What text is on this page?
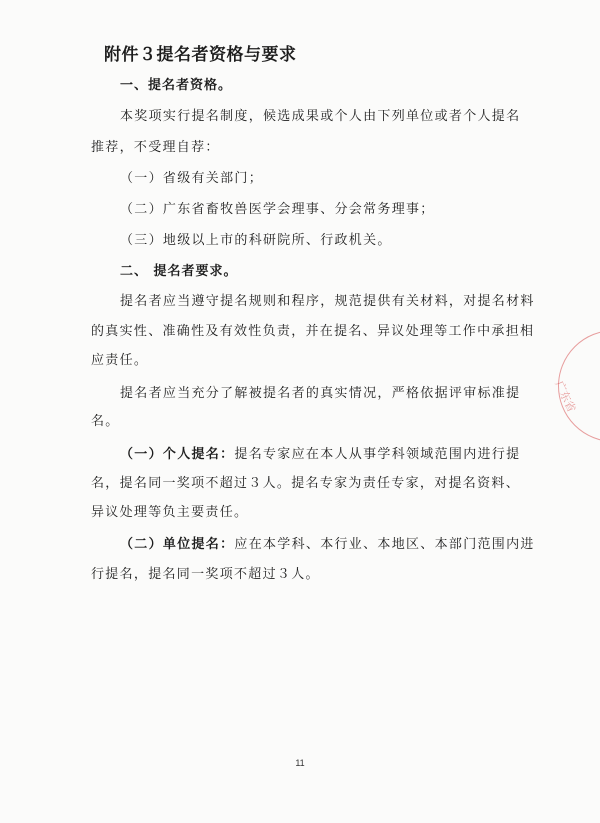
附件３提名者资格与要求
一、提名者资格。
本奖项实行提名制度，候选成果或个人由下列单位或者个人提名
推荐，不受理自荐：
（一）省级有关部门；
（二）广东省畜牧兽医学会理事、分会常务理事；
（三）地级以上市的科研院所、行政机关。
二、 提名者要求。
提名者应当遵守提名规则和程序，规范提供有关材料，对提名材料
的真实性、准确性及有效性负责，并在提名、异议处理等工作中承担相
应责任。
提名者应当充分了解被提名者的真实情况，严格依据评审标准提
名。
（一）个人提名： 提名专家应在本人从事学科领域范围内进行提
名，提名同一奖项不超过３人。提名专家为责任专家，对提名资料、
异议处理等负主要责任。
（二）单位提名： 应在本学科、本行业、本地区、本部门范围内进
行提名，提名同一奖项不超过３人。
11
广东省
